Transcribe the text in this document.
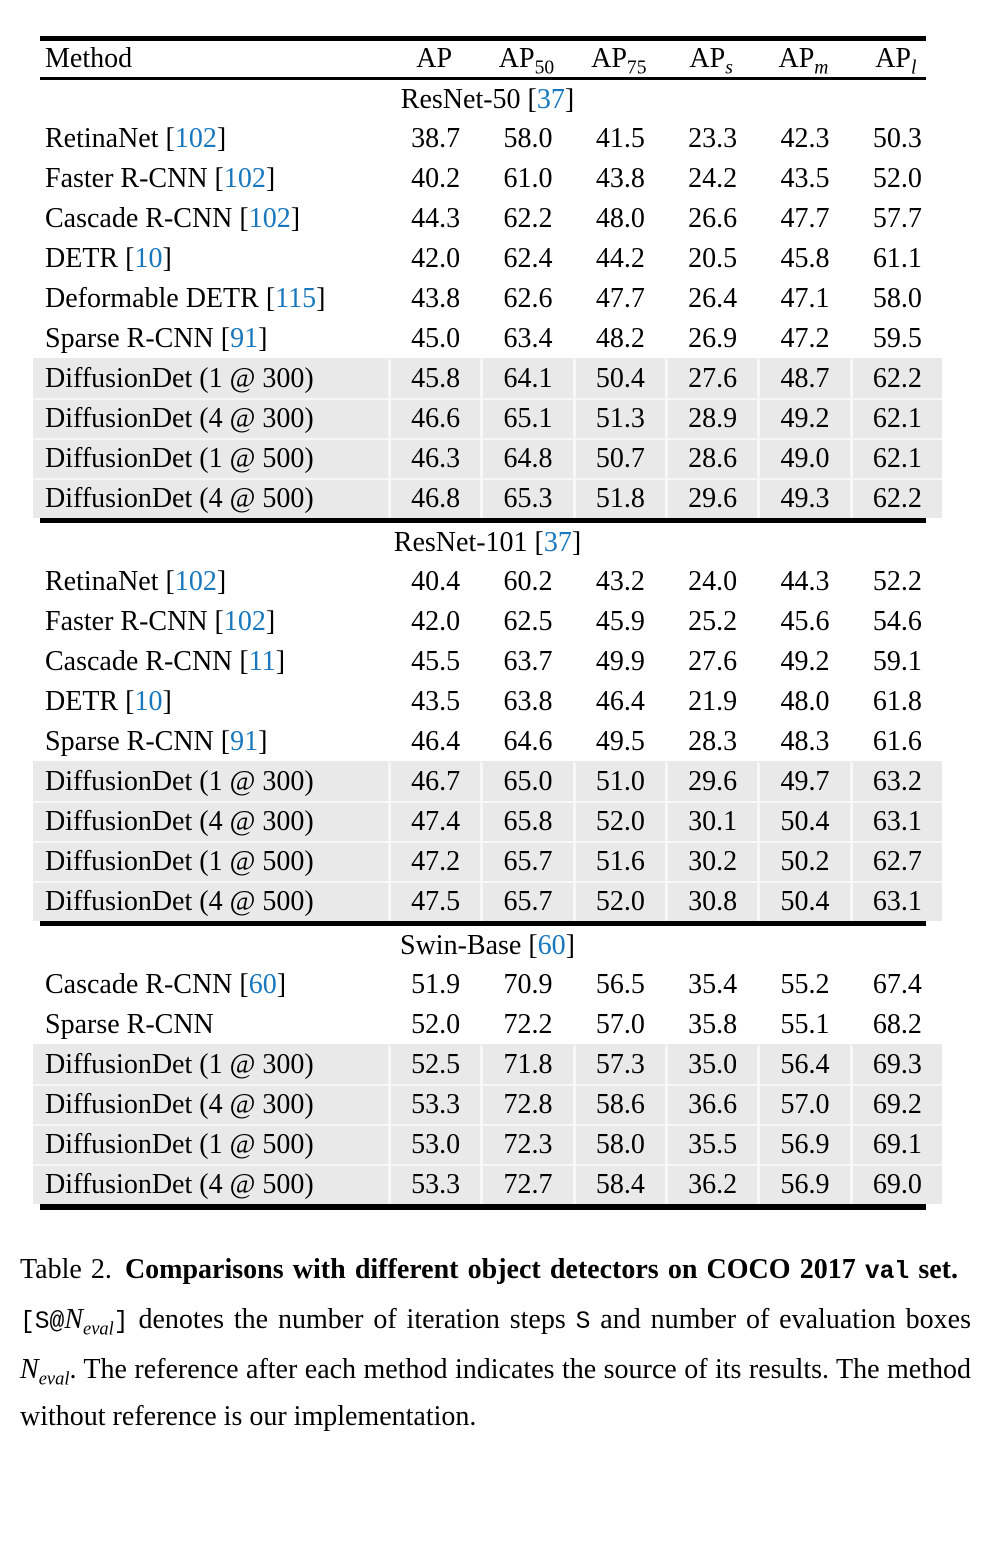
Method	AP	$AP_{50}$	$AP_{75}$	$AP_s$	$AP_m$	$AP_l$

ResNet-50 [37]						
RetinaNet [102]	38.7	58.0	41.5	23.3	42.3	50.3
Faster R-CNN [102]	40.2	61.0	43.8	24.2	43.5	52.0
Cascade R-CNN [102]	44.3	62.2	48.0	26.6	47.7	57.7
DETR [10]	42.0	62.4	44.2	20.5	45.8	61.1
Deformable DETR [115]	43.8	62.6	47.7	26.4	47.1	58.0
Sparse R-CNN [91]	45.0	63.4	48.2	26.9	47.2	59.5
DiffusionDet (1 @ 300)	45.8	64.1	50.4	27.6	48.7	62.2
DiffusionDet (4 @ 300)	46.6	65.1	51.3	28.9	49.2	62.1
DiffusionDet (1 @ 500)	46.3	64.8	50.7	28.6	49.0	62.1
DiffusionDet (4 @ 500)	46.8	65.3	51.8	29.6	49.3	62.2

ResNet-101 [37]						
RetinaNet [102]	40.4	60.2	43.2	24.0	44.3	52.2
Faster R-CNN [102]	42.0	62.5	45.9	25.2	45.6	54.6
Cascade R-CNN [11]	45.5	63.7	49.9	27.6	49.2	59.1
DETR [10]	43.5	63.8	46.4	21.9	48.0	61.8
Sparse R-CNN [91]	46.4	64.6	49.5	28.3	48.3	61.6
DiffusionDet (1 @ 300)	46.7	65.0	51.0	29.6	49.7	63.2
DiffusionDet (4 @ 300)	47.4	65.8	52.0	30.1	50.4	63.1
DiffusionDet (1 @ 500)	47.2	65.7	51.6	30.2	50.2	62.7
DiffusionDet (4 @ 500)	47.5	65.7	52.0	30.8	50.4	63.1

Swin-Base [60]						
Cascade R-CNN [60]	51.9	70.9	56.5	35.4	55.2	67.4
Sparse R-CNN	52.0	72.2	57.0	35.8	55.1	68.2
DiffusionDet (1 @ 300)	52.5	71.8	57.3	35.0	56.4	69.3
DiffusionDet (4 @ 300)	53.3	72.8	58.6	36.6	57.0	69.2
DiffusionDet (1 @ 500)	53.0	72.3	58.0	35.5	56.9	69.1
DiffusionDet (4 @ 500)	53.3	72.7	58.4	36.2	56.9	69.0

Table 2. Comparisons with different object detectors on COCO 2017 val $set.[S@N_{eval}]$ denotes the number of iteration steps S and number of evaluation boxes $N_{eval}$. The reference after each method indicates the source of its results. The method without reference is our implementation.
